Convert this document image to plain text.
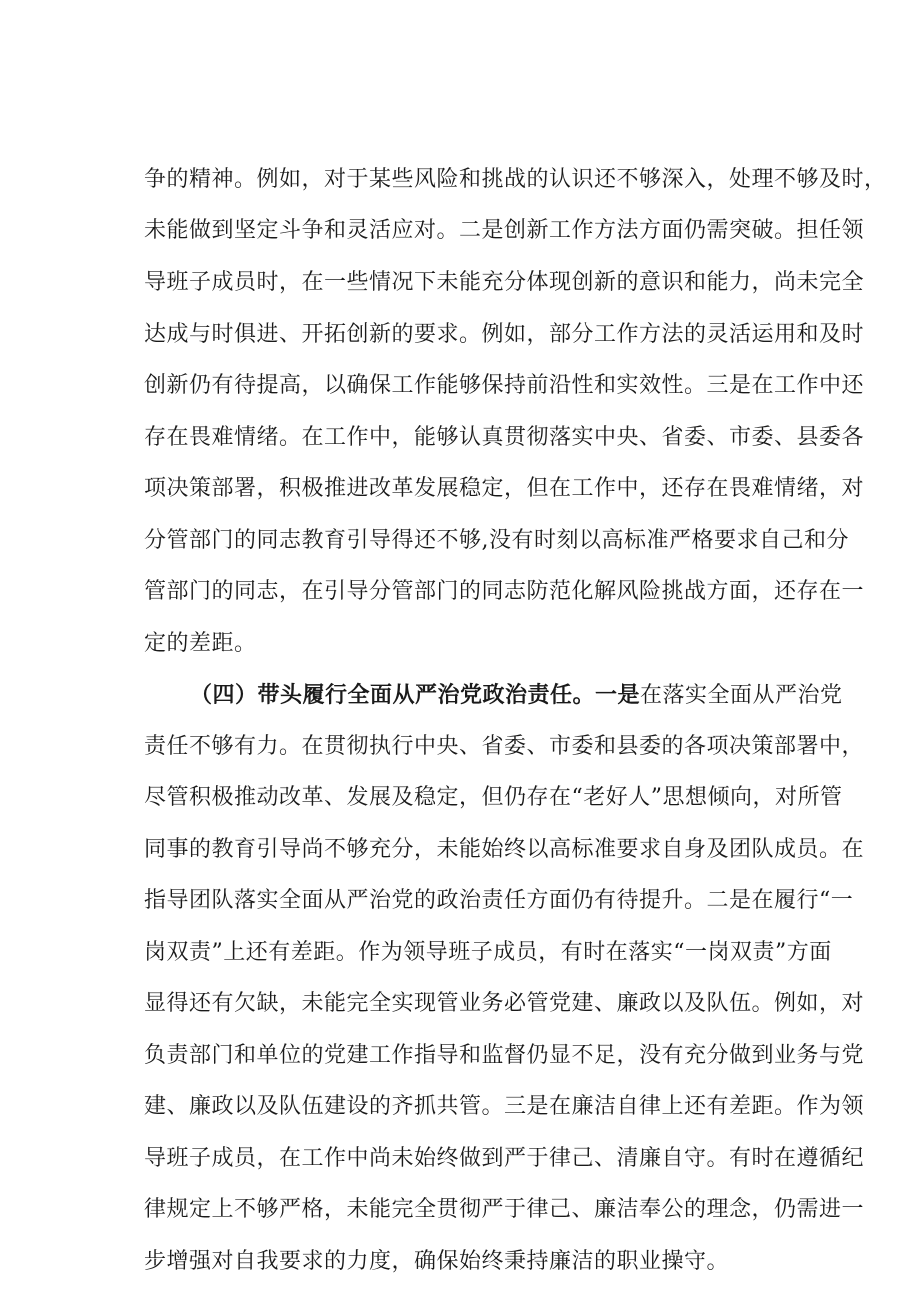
争的精神。例如，对于某些风险和挑战的认识还不够深入，处理不够及时，
未能做到坚定斗争和灵活应对。二是创新工作方法方面仍需突破。担任领
导班子成员时，在一些情况下未能充分体现创新的意识和能力，尚未完全
达成与时俱进、开拓创新的要求。例如，部分工作方法的灵活运用和及时
创新仍有待提高，以确保工作能够保持前沿性和实效性。三是在工作中还
存在畏难情绪。在工作中，能够认真贯彻落实中央、省委、市委、县委各
项决策部署，积极推进改革发展稳定，但在工作中，还存在畏难情绪，对
分管部门的同志教育引导得还不够,没有时刻以高标准严格要求自己和分
管部门的同志，在引导分管部门的同志防范化解风险挑战方面，还存在一
定的差距。
（四）带头履行全面从严治党政治责任。一是在落实全面从严治党
责任不够有力。在贯彻执行中央、省委、市委和县委的各项决策部署中，
尽管积极推动改革、发展及稳定，但仍存在“老好人”思想倾向，对所管
同事的教育引导尚不够充分，未能始终以高标准要求自身及团队成员。在
指导团队落实全面从严治党的政治责任方面仍有待提升。二是在履行“一
岗双责”上还有差距。作为领导班子成员，有时在落实“一岗双责”方面
显得还有欠缺，未能完全实现管业务必管党建、廉政以及队伍。例如，对
负责部门和单位的党建工作指导和监督仍显不足，没有充分做到业务与党
建、廉政以及队伍建设的齐抓共管。三是在廉洁自律上还有差距。作为领
导班子成员，在工作中尚未始终做到严于律己、清廉自守。有时在遵循纪
律规定上不够严格，未能完全贯彻严于律己、廉洁奉公的理念，仍需进一
步增强对自我要求的力度，确保始终秉持廉洁的职业操守。
